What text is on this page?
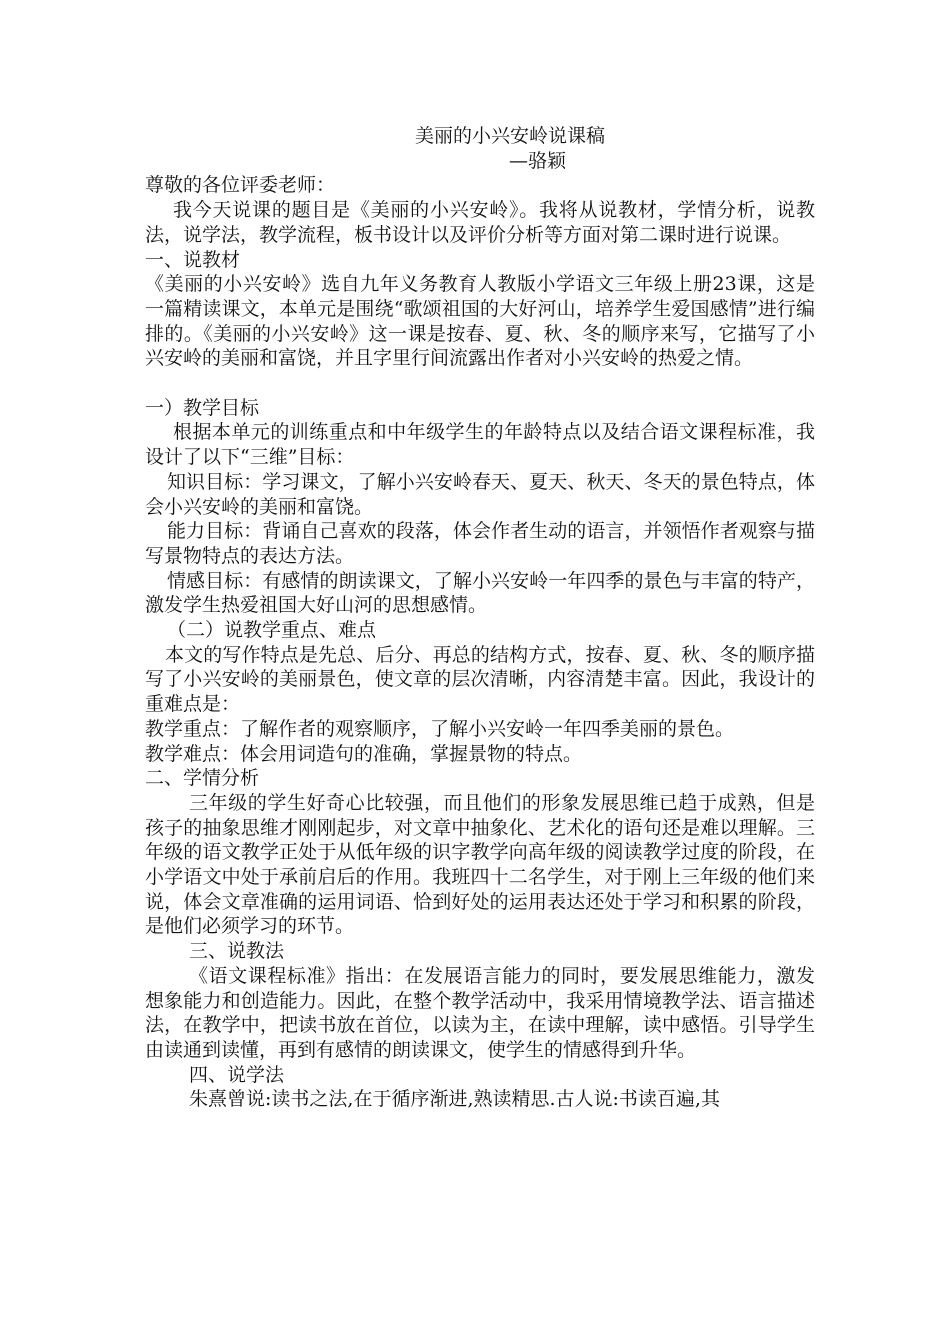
美丽的小兴安岭说课稿

—骆颖

尊敬的各位评委老师：

我今天说课的题目是《美丽的小兴安岭》。我将从说教材，学情分析，说教法，说学法，教学流程，板书设计以及评价分析等方面对第二课时进行说课。

一、说教材

《美丽的小兴安岭》选自九年义务教育人教版小学语文三年级上册23课，这是一篇精读课文，本单元是围绕“歌颂祖国的大好河山，培养学生爱国感情”进行编排的。《美丽的小兴安岭》这一课是按春、夏、秋、冬的顺序来写，它描写了小兴安岭的美丽和富饶，并且字里行间流露出作者对小兴安岭的热爱之情。

一）教学目标

根据本单元的训练重点和中年级学生的年龄特点以及结合语文课程标准，我设计了以下“三维”目标：

知识目标：学习课文，了解小兴安岭春天、夏天、秋天、冬天的景色特点，体会小兴安岭的美丽和富饶。

能力目标：背诵自己喜欢的段落，体会作者生动的语言，并领悟作者观察与描写景物特点的表达方法。

情感目标：有感情的朗读课文，了解小兴安岭一年四季的景色与丰富的特产，激发学生热爱祖国大好山河的思想感情。

（二）说教学重点、难点

本文的写作特点是先总、后分、再总的结构方式，按春、夏、秋、冬的顺序描写了小兴安岭的美丽景色，使文章的层次清晰，内容清楚丰富。因此，我设计的重难点是：

教学重点：了解作者的观察顺序，了解小兴安岭一年四季美丽的景色。

教学难点：体会用词造句的准确，掌握景物的特点。

二、学情分析

三年级的学生好奇心比较强，而且他们的形象发展思维已趋于成熟，但是孩子的抽象思维才刚刚起步，对文章中抽象化、艺术化的语句还是难以理解。三年级的语文教学正处于从低年级的识字教学向高年级的阅读教学过度的阶段，在小学语文中处于承前启后的作用。我班四十二名学生，对于刚上三年级的他们来说，体会文章准确的运用词语、恰到好处的运用表达还处于学习和积累的阶段，是他们必须学习的环节。

三、说教法

《语文课程标准》指出：在发展语言能力的同时，要发展思维能力，激发想象能力和创造能力。因此，在整个教学活动中，我采用情境教学法、语言描述法，在教学中，把读书放在首位，以读为主，在读中理解，读中感悟。引导学生由读通到读懂，再到有感情的朗读课文，使学生的情感得到升华。

四、说学法

朱熹曾说:读书之法,在于循序渐进,熟读精思.古人说:书读百遍,其
